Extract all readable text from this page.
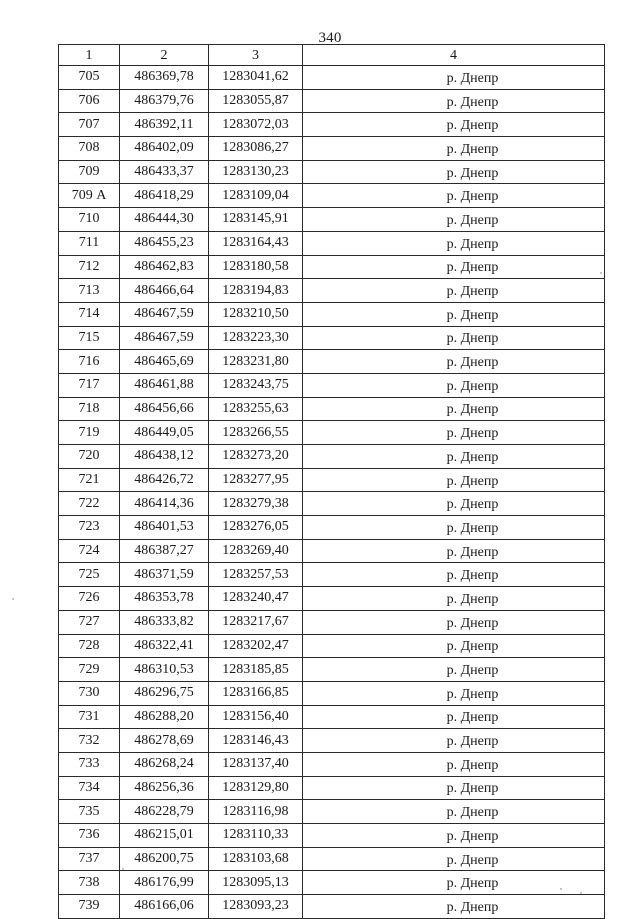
340
1	2	3	4
705	486369,78	1283041,62	р. Днепр
706	486379,76	1283055,87	р. Днепр
707	486392,11	1283072,03	р. Днепр
708	486402,09	1283086,27	р. Днепр
709	486433,37	1283130,23	р. Днепр
709 А	486418,29	1283109,04	р. Днепр
710	486444,30	1283145,91	р. Днепр
711	486455,23	1283164,43	р. Днепр
712	486462,83	1283180,58	р. Днепр
713	486466,64	1283194,83	р. Днепр
714	486467,59	1283210,50	р. Днепр
715	486467,59	1283223,30	р. Днепр
716	486465,69	1283231,80	р. Днепр
717	486461,88	1283243,75	р. Днепр
718	486456,66	1283255,63	р. Днепр
719	486449,05	1283266,55	р. Днепр
720	486438,12	1283273,20	р. Днепр
721	486426,72	1283277,95	р. Днепр
722	486414,36	1283279,38	р. Днепр
723	486401,53	1283276,05	р. Днепр
724	486387,27	1283269,40	р. Днепр
725	486371,59	1283257,53	р. Днепр
726	486353,78	1283240,47	р. Днепр
727	486333,82	1283217,67	р. Днепр
728	486322,41	1283202,47	р. Днепр
729	486310,53	1283185,85	р. Днепр
730	486296,75	1283166,85	р. Днепр
731	486288,20	1283156,40	р. Днепр
732	486278,69	1283146,43	р. Днепр
733	486268,24	1283137,40	р. Днепр
734	486256,36	1283129,80	р. Днепр
735	486228,79	1283116,98	р. Днепр
736	486215,01	1283110,33	р. Днепр
737	486200,75	1283103,68	р. Днепр
738	486176,99	1283095,13	р. Днепр
739	486166,06	1283093,23	р. Днепр
